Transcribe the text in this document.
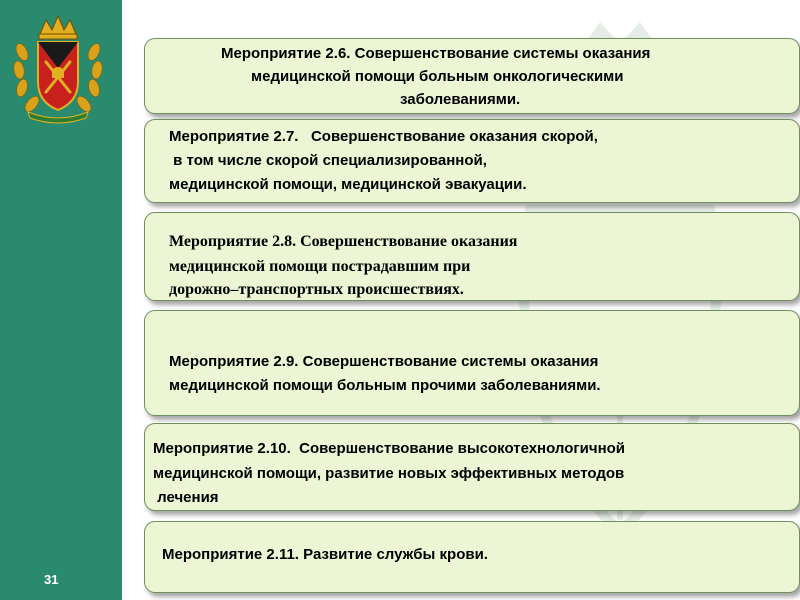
31
Мероприятие 2.6. Совершенствование системы оказания
медицинской помощи больным онкологическими
заболеваниями.
Мероприятие 2.7.   Совершенствование оказания скорой,
в том числе скорой специализированной,
медицинской помощи, медицинской эвакуации.
Мероприятие 2.8. Совершенствование оказания
медицинской помощи пострадавшим при
дорожно–транспортных происшествиях.
Мероприятие 2.9. Совершенствование системы оказания
медицинской помощи больным прочими заболеваниями.
Мероприятие 2.10.  Совершенствование высокотехнологичной
медицинской помощи, развитие новых эффективных методов
лечения
Мероприятие 2.11. Развитие службы крови.
